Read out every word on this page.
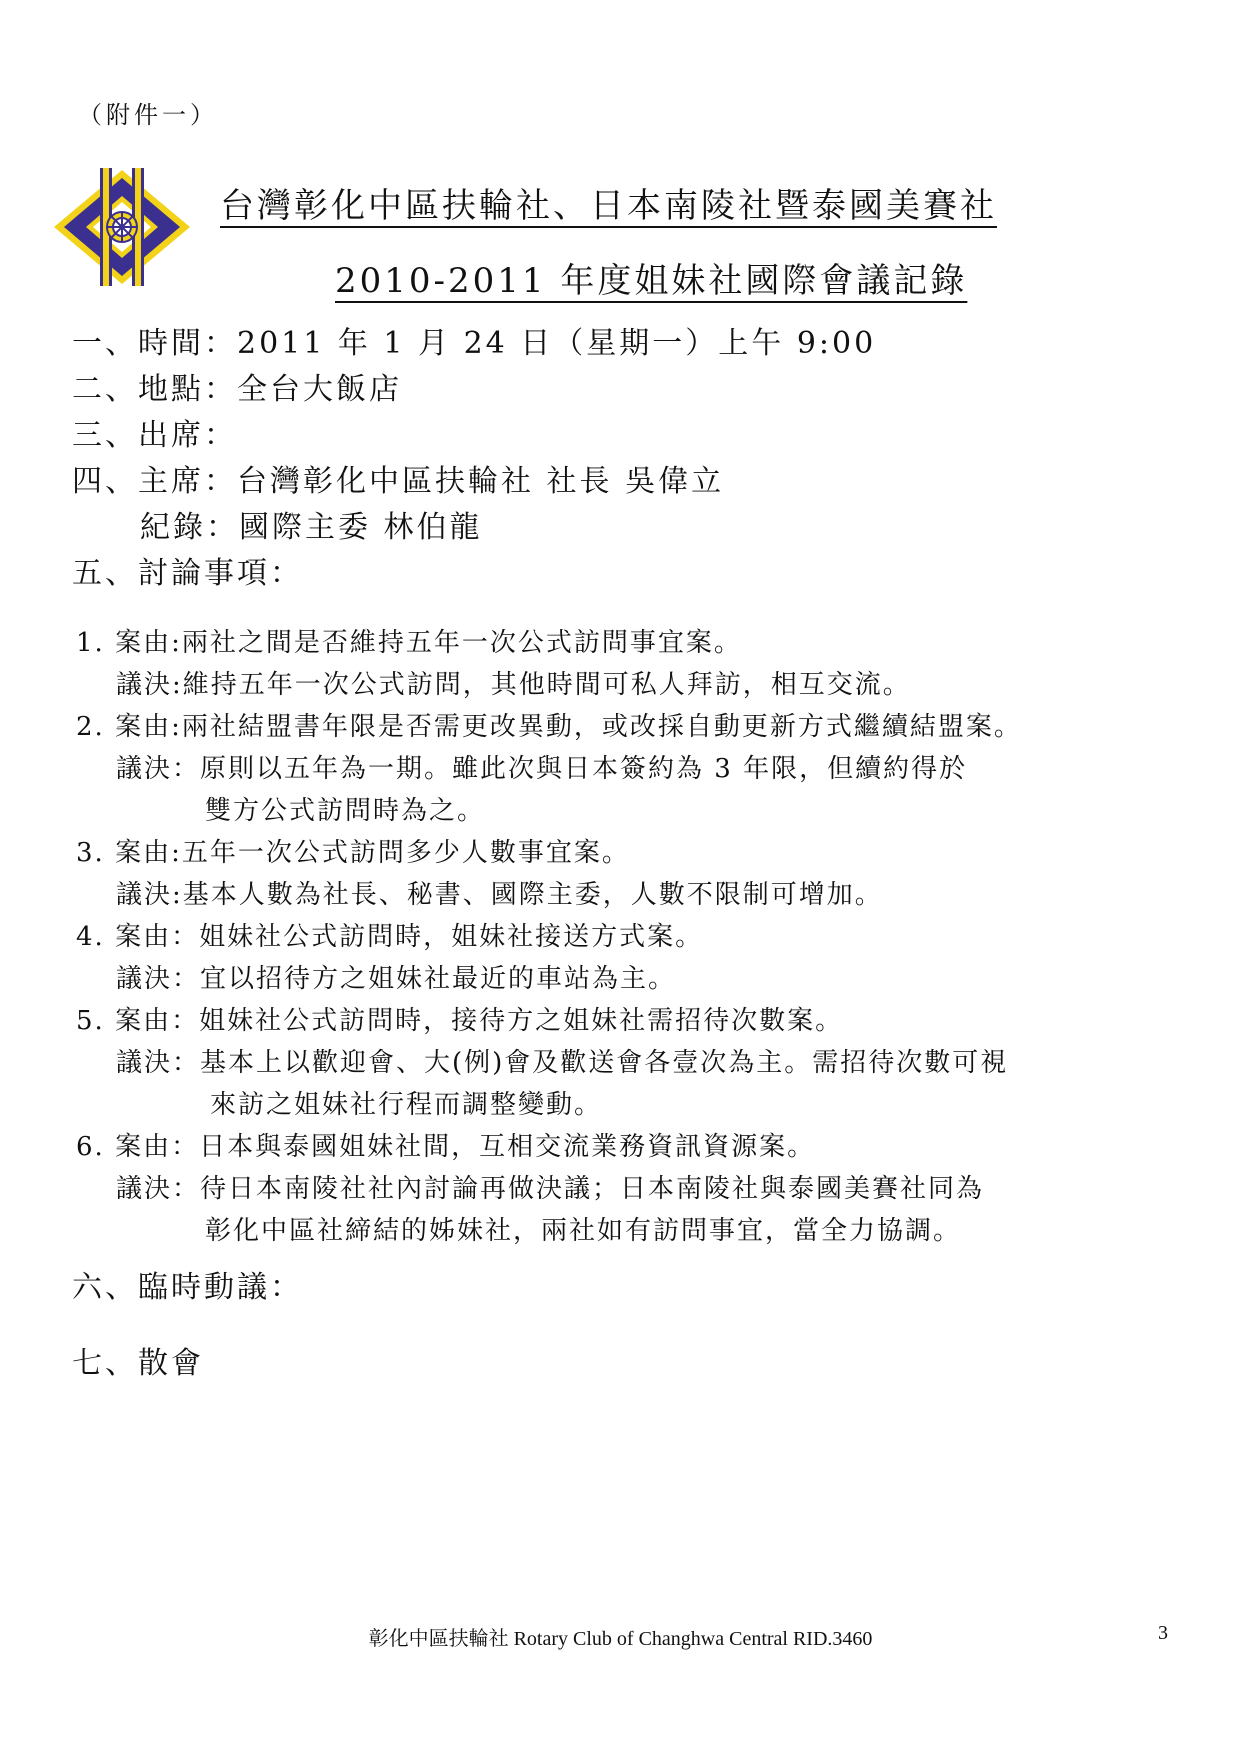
（附件一）
台灣彰化中區扶輪社、日本南陵社暨泰國美賽社
2010-2011 年度姐妹社國際會議記錄
一、時間：2011 年 1 月 24 日（星期一）上午 9:00
二、地點：全台大飯店
三、出席：
四、主席：台灣彰化中區扶輪社 社長 吳偉立
紀錄：國際主委 林伯龍
五、討論事項：
1. 案由:兩社之間是否維持五年一次公式訪問事宜案。
議決:維持五年一次公式訪問，其他時間可私人拜訪，相互交流。
2. 案由:兩社結盟書年限是否需更改異動，或改採自動更新方式繼續結盟案。
議決：原則以五年為一期。雖此次與日本簽約為 3 年限，但續約得於
雙方公式訪問時為之。
3. 案由:五年一次公式訪問多少人數事宜案。
議決:基本人數為社長、秘書、國際主委，人數不限制可增加。
4. 案由：姐妹社公式訪問時，姐妹社接送方式案。
議決：宜以招待方之姐妹社最近的車站為主。
5. 案由：姐妹社公式訪問時，接待方之姐妹社需招待次數案。
議決：基本上以歡迎會、大(例)會及歡送會各壹次為主。需招待次數可視
來訪之姐妹社行程而調整變動。
6. 案由：日本與泰國姐妹社間，互相交流業務資訊資源案。
議決：待日本南陵社社內討論再做決議；日本南陵社與泰國美賽社同為
彰化中區社締結的姊妹社，兩社如有訪問事宜，當全力協調。
六、臨時動議：
七、散會
彰化中區扶輪社 Rotary Club of Changhwa Central RID.3460	3
